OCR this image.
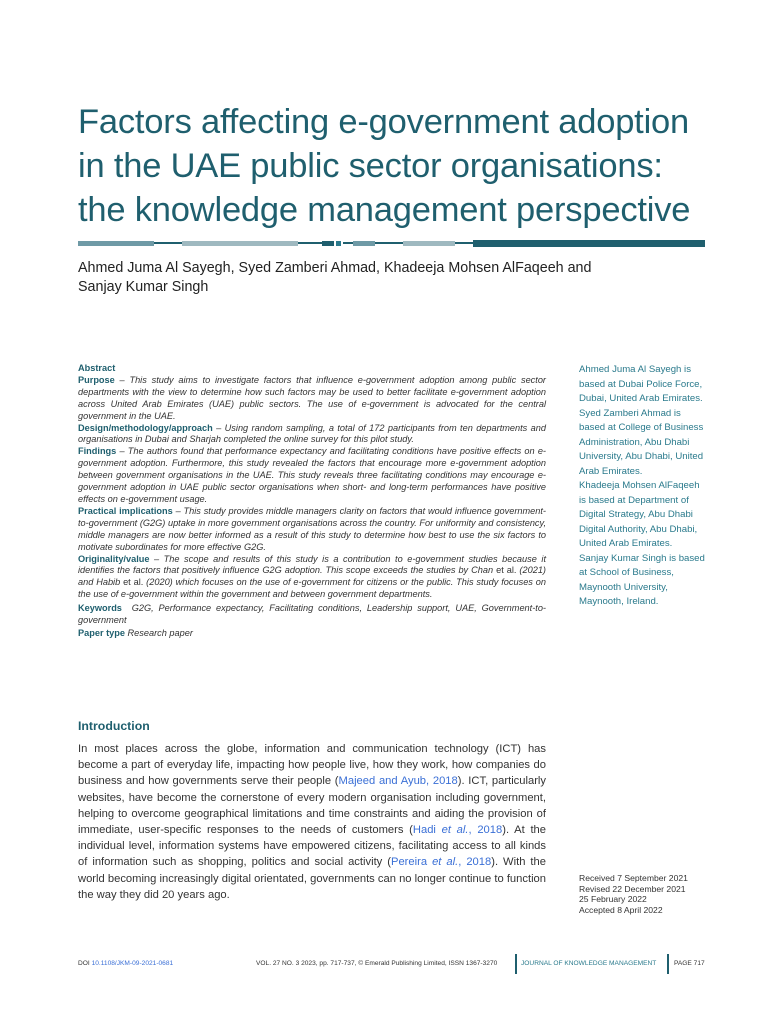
Factors affecting e-government adoption in the UAE public sector organisations: the knowledge management perspective
Ahmed Juma Al Sayegh, Syed Zamberi Ahmad, Khadeeja Mohsen AlFaqeeh and
Sanjay Kumar Singh

Abstract

Purpose – This study aims to investigate factors that influence e-government adoption among public sector departments with the view to determine how such factors may be used to better facilitate e-government adoption across United Arab Emirates (UAE) public sectors. The use of e-government is advocated for the central government in the UAE.

Design/methodology/approach – Using random sampling, a total of 172 participants from ten departments and organisations in Dubai and Sharjah completed the online survey for this pilot study.

Findings – The authors found that performance expectancy and facilitating conditions have positive effects on e-government adoption. Furthermore, this study revealed the factors that encourage more e-government adoption between government organisations in the UAE. This study reveals three facilitating conditions may encourage e-government adoption in UAE public sector organisations when short- and long-term performances have positive effects on e-government usage.

Practical implications – This study provides middle managers clarity on factors that would influence government-to-government (G2G) uptake in more government organisations across the country. For uniformity and consistency, middle managers are now better informed as a result of this study to determine how best to use the six factors to motivate subordinates for more effective G2G.

Originality/value – The scope and results of this study is a contribution to e-government studies because it identifies the factors that positively influence G2G adoption. This scope exceeds the studies by Chan et al. (2021) and Habib et al. (2020) which focuses on the use of e-government for citizens or the public. This study focuses on the use of e-government within the government and between government departments.

Keywords G2G, Performance expectancy, Facilitating conditions, Leadership support, UAE, Government-to-government

Paper type Research paper

Ahmed Juma Al Sayegh is based at Dubai Police Force, Dubai, United Arab Emirates.

Syed Zamberi Ahmad is based at College of Business Administration, Abu Dhabi University, Abu Dhabi, United Arab Emirates.

Khadeeja Mohsen AlFaqeeh is based at Department of Digital Strategy, Abu Dhabi Digital Authority, Abu Dhabi, United Arab Emirates.

Sanjay Kumar Singh is based at School of Business, Maynooth University, Maynooth, Ireland.

Introduction

In most places across the globe, information and communication technology (ICT) has become a part of everyday life, impacting how people live, how they work, how companies do business and how governments serve their people (Majeed and Ayub, 2018). ICT, particularly websites, have become the cornerstone of every modern organisation including government, helping to overcome geographical limitations and time constraints and aiding the provision of immediate, user-specific responses to the needs of customers (Hadi et al., 2018). At the individual level, information systems have empowered citizens, facilitating access to all kinds of information such as shopping, politics and social activity (Pereira et al., 2018). With the world becoming increasingly digital orientated, governments can no longer continue to function the way they did 20 years ago.

Received 7 September 2021

Revised 22 December 2021

25 February 2022

Accepted 8 April 2022

DOI 10.1108/JKM-09-2021-0681	VOL. 27 NO. 3 2023, pp. 717-737, © Emerald Publishing Limited, ISSN 1367-3270	JOURNAL OF KNOWLEDGE MANAGEMENT	PAGE 717
